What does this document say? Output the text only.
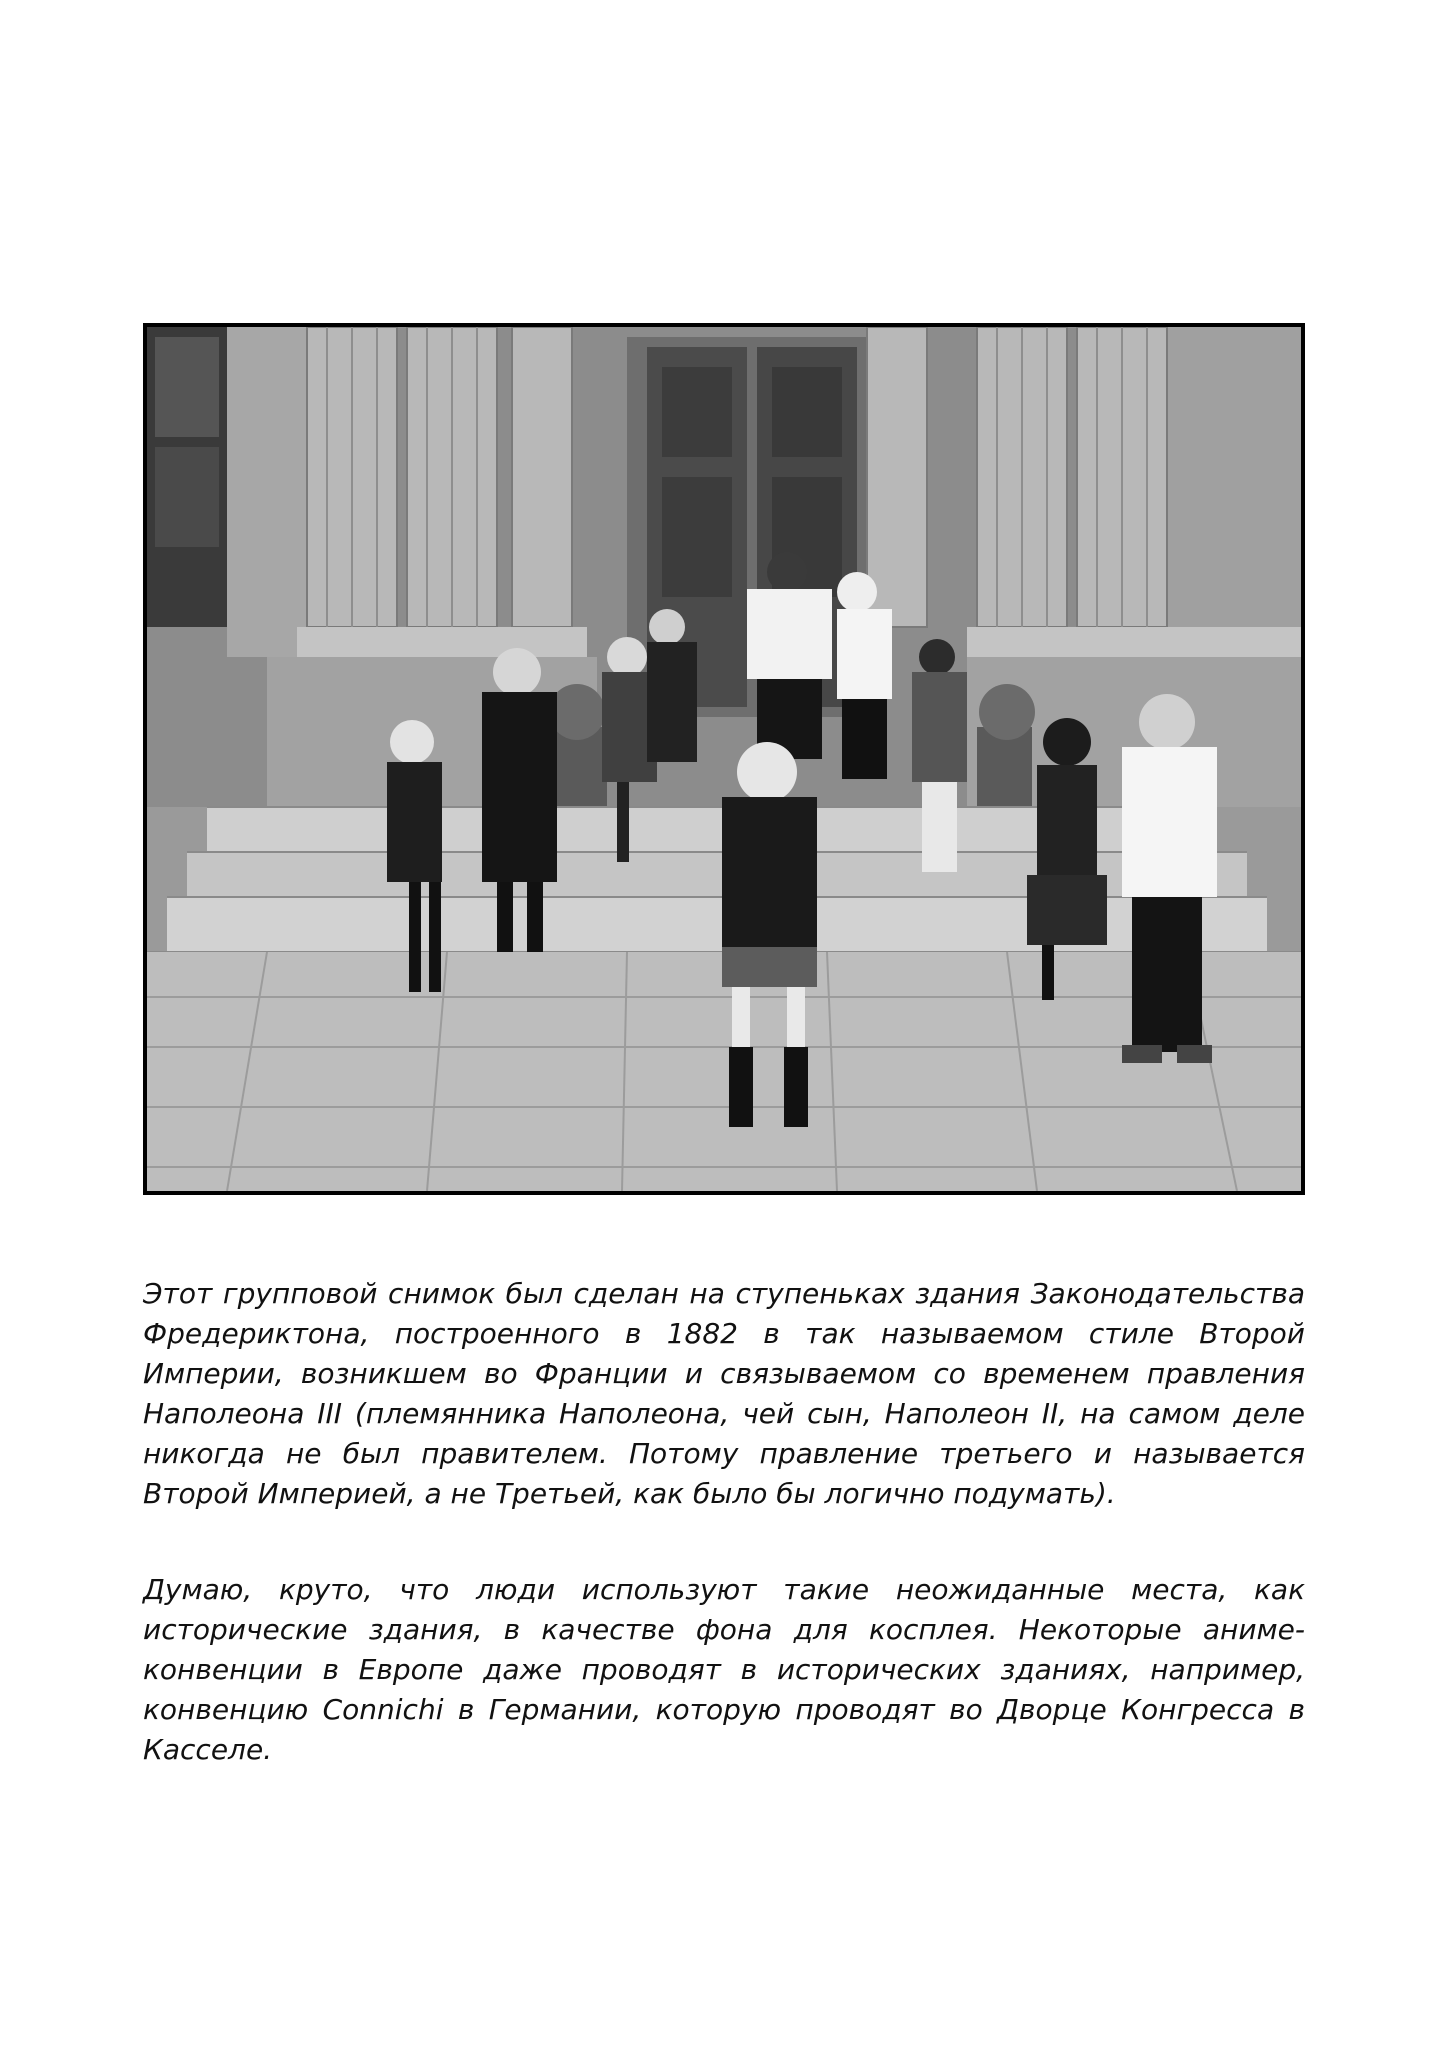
Этот групповой снимок был сделан на ступеньках здания Законодательства Фредериктона, построенного в 1882 в так называемом стиле Второй Империи, возникшем во Франции и связываемом со временем правления Наполеона III (племянника Наполеона, чей сын, Наполеон II, на самом деле никогда не был правителем. Потому правление третьего и называется Второй Империей, а не Третьей, как было бы логично подумать).

Думаю, круто, что люди используют такие неожиданные места, как исторические здания, в качестве фона для косплея. Некоторые аниме-конвенции в Европе даже проводят в исторических зданиях, например, конвенцию Connichi в Германии, которую проводят во Дворце Конгресса в Касселе.
